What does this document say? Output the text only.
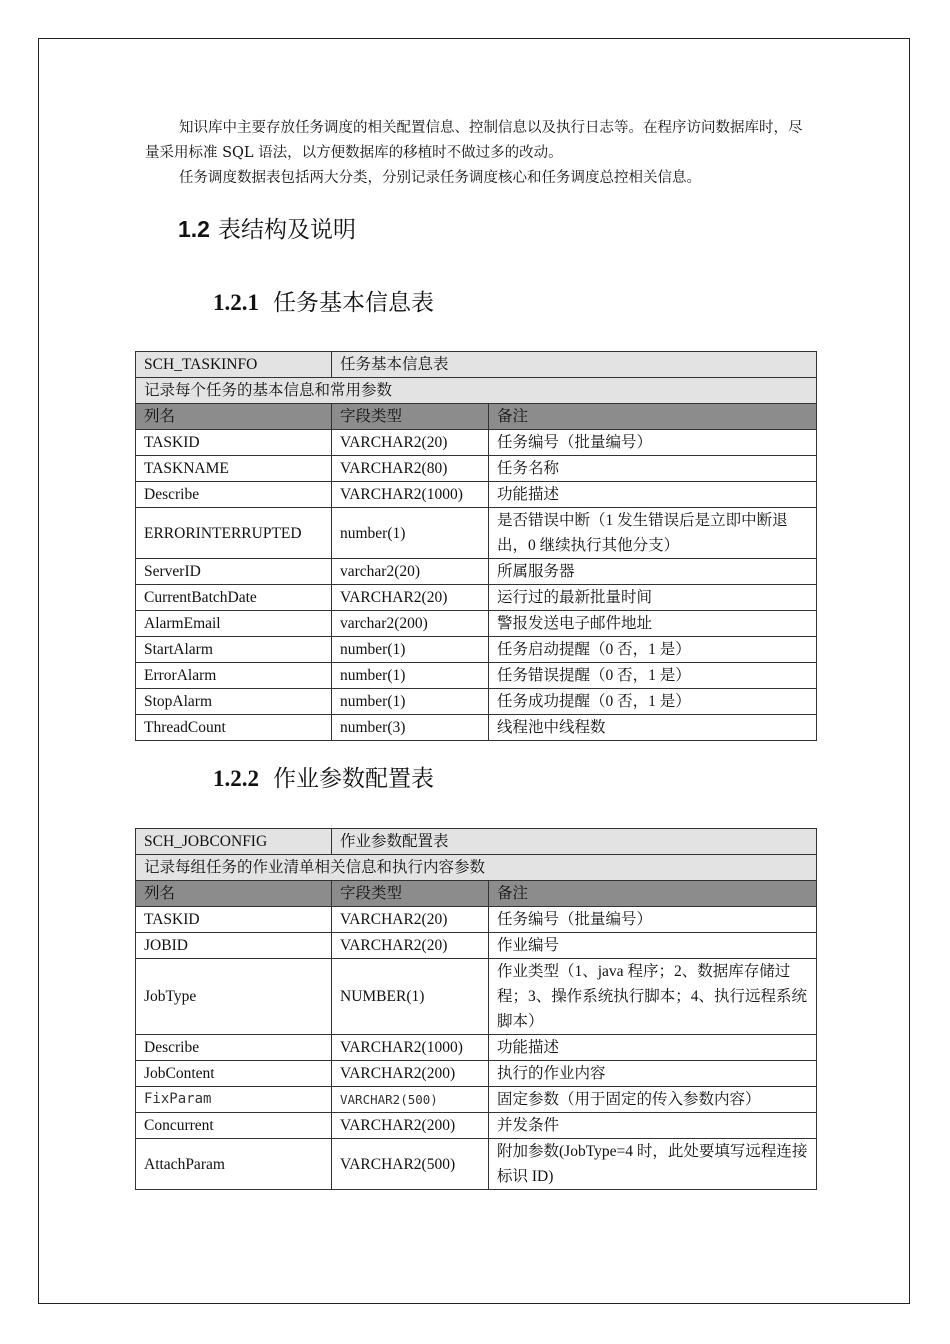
知识库中主要存放任务调度的相关配置信息、控制信息以及执行日志等。在程序访问数据库时，尽量采用标准 SQL 语法，以方便数据库的移植时不做过多的改动。

任务调度数据表包括两大分类，分别记录任务调度核心和任务调度总控相关信息。

1.2 表结构及说明
1.2.1 任务基本信息表
SCH_TASKINFO	任务基本信息表	
记录每个任务的基本信息和常用参数		
列名	字段类型	备注
TASKID	VARCHAR2(20)	任务编号（批量编号）
TASKNAME	VARCHAR2(80)	任务名称
Describe	VARCHAR2(1000)	功能描述
ERRORINTERRUPTED	number(1)	是否错误中断（1 发生错误后是立即中断退出，0 继续执行其他分支）
ServerID	varchar2(20)	所属服务器
CurrentBatchDate	VARCHAR2(20)	运行过的最新批量时间
AlarmEmail	varchar2(200)	警报发送电子邮件地址
StartAlarm	number(1)	任务启动提醒（0 否，1 是）
ErrorAlarm	number(1)	任务错误提醒（0 否，1 是）
StopAlarm	number(1)	任务成功提醒（0 否，1 是）
ThreadCount	number(3)	线程池中线程数
1.2.2 作业参数配置表
SCH_JOBCONFIG	作业参数配置表	
记录每组任务的作业清单相关信息和执行内容参数		
列名	字段类型	备注
TASKID	VARCHAR2(20)	任务编号（批量编号）
JOBID	VARCHAR2(20)	作业编号
JobType	NUMBER(1)	作业类型（1、java 程序；2、数据库存储过程；3、操作系统执行脚本；4、执行远程系统脚本）
Describe	VARCHAR2(1000)	功能描述
JobContent	VARCHAR2(200)	执行的作业内容
FixParam	VARCHAR2(500)	固定参数（用于固定的传入参数内容）
Concurrent	VARCHAR2(200)	并发条件
AttachParam	VARCHAR2(500)	附加参数(JobType=4 时，此处要填写远程连接标识 ID)
